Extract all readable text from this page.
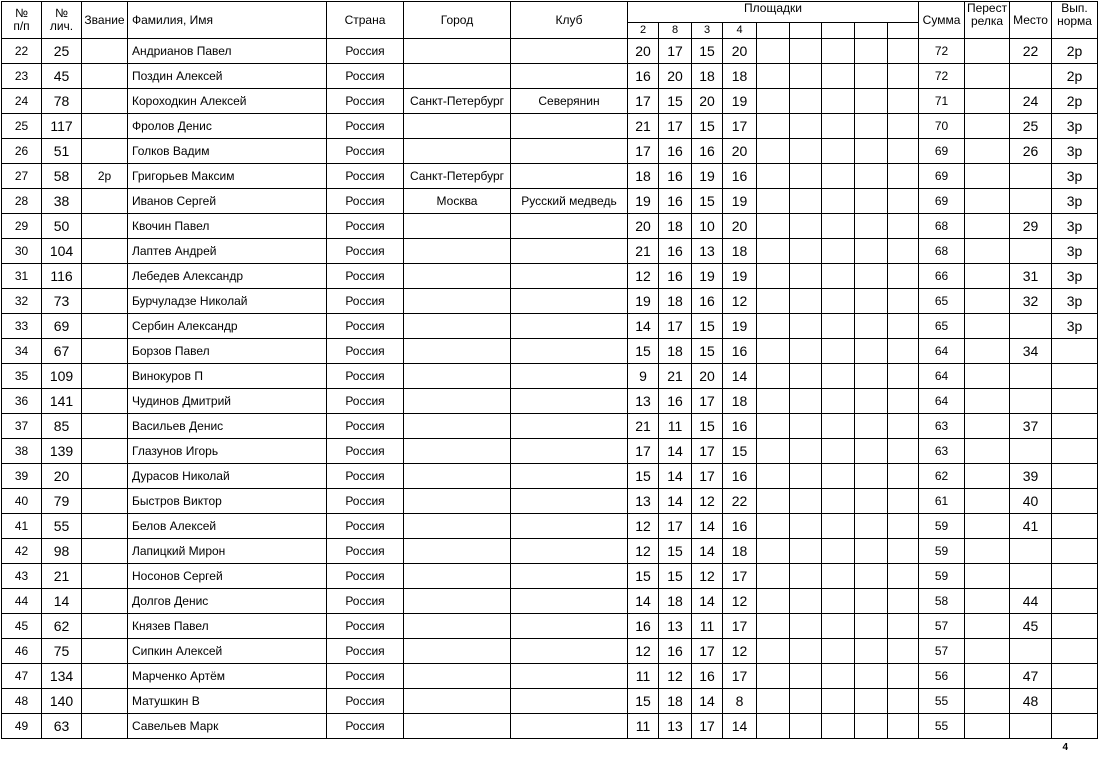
№
п/п	№
лич.	Звание	Фамилия, Имя	Страна	Город	Клуб	Площадки									Сумма	Перест
релка	Место	Вып.
норма
							2	8	3	4									
22	25		Андрианов Павел	Россия			20	17	15	20						72		22	2р
23	45		Поздин Алексей	Россия			16	20	18	18						72			2р
24	78		Короходкин Алексей	Россия	Санкт-Петербург	Северянин	17	15	20	19						71		24	2р
25	117		Фролов Денис	Россия			21	17	15	17						70		25	3р
26	51		Голков Вадим	Россия			17	16	16	20						69		26	3р
27	58	2р	Григорьев Максим	Россия	Санкт-Петербург		18	16	19	16						69			3р
28	38		Иванов Сергей	Россия	Москва	Русский медведь	19	16	15	19						69			3р
29	50		Квочин Павел	Россия			20	18	10	20						68		29	3р
30	104		Лаптев Андрей	Россия			21	16	13	18						68			3р
31	116		Лебедев Александр	Россия			12	16	19	19						66		31	3р
32	73		Бурчуладзе Николай	Россия			19	18	16	12						65		32	3р
33	69		Сербин Александр	Россия			14	17	15	19						65			3р
34	67		Борзов Павел	Россия			15	18	15	16						64		34	
35	109		Винокуров П	Россия			9	21	20	14						64			
36	141		Чудинов Дмитрий	Россия			13	16	17	18						64			
37	85		Васильев Денис	Россия			21	11	15	16						63		37	
38	139		Глазунов Игорь	Россия			17	14	17	15						63			
39	20		Дурасов Николай	Россия			15	14	17	16						62		39	
40	79		Быстров Виктор	Россия			13	14	12	22						61		40	
41	55		Белов Алексей	Россия			12	17	14	16						59		41	
42	98		Лапицкий Мирон	Россия			12	15	14	18						59			
43	21		Носонов Сергей	Россия			15	15	12	17						59			
44	14		Долгов Денис	Россия			14	18	14	12						58		44	
45	62		Князев Павел	Россия			16	13	11	17						57		45	
46	75		Сипкин Алексей	Россия			12	16	17	12						57			
47	134		Марченко Артём	Россия			11	12	16	17						56		47	
48	140		Матушкин В	Россия			15	18	14	8						55		48	
49	63		Савельев Марк	Россия			11	13	17	14						55			
4
